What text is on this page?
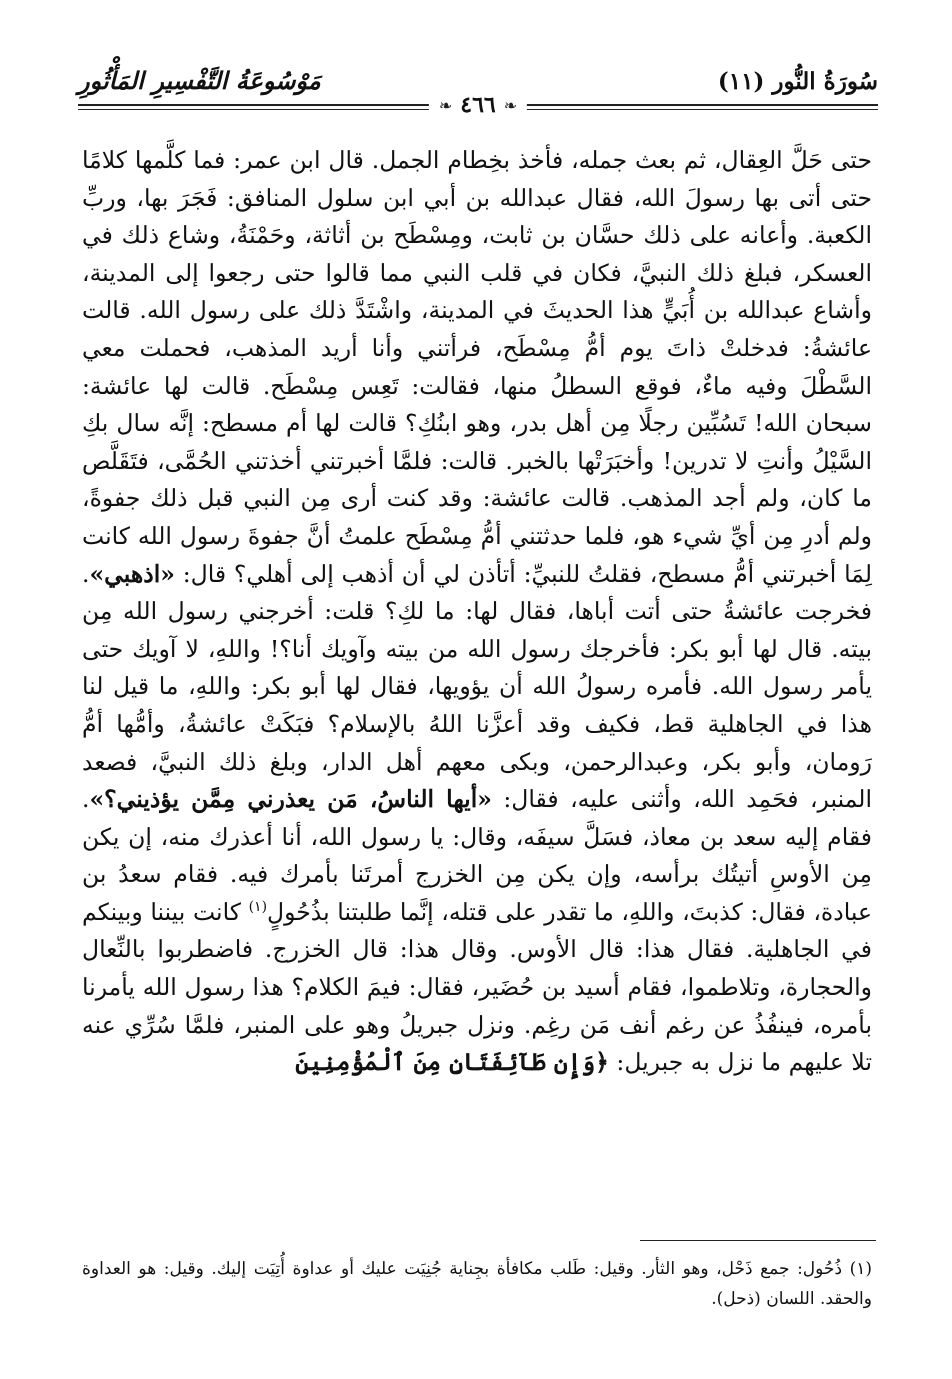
سُورَةُ النُّور (١١)
مَوْسُوعَةُ التَّفْسِيرِ المَأْثُورِ
❧ ٤٦٦ ❧

حتى حَلَّ العِقال، ثم بعث جمله، فأخذ بخِطام الجمل. قال ابن عمر: فما كلَّمها كلامًا حتى أتى بها رسولَ الله، فقال عبدالله بن أبي ابن سلول المنافق: فَجَرَ بها، وربِّ الكعبة. وأعانه على ذلك حسَّان بن ثابت، ومِسْطَح بن أثاثة، وحَمْنَةُ، وشاع ذلك في العسكر، فبلغ ذلك النبيَّ، فكان في قلب النبي مما قالوا حتى رجعوا إلى المدينة، وأشاع عبدالله بن أُبَيٍّ هذا الحديثَ في المدينة، واشْتَدَّ ذلك على رسول الله. قالت عائشةُ: فدخلتْ ذاتَ يوم أمُّ مِسْطَح، فرأتني وأنا أريد المذهب، فحملت معي السَّطْلَ وفيه ماءٌ، فوقع السطلُ منها، فقالت: تَعِس مِسْطَح. قالت لها عائشة: سبحان الله! تَسُبِّين رجلًا مِن أهل بدر، وهو ابنُكِ؟ قالت لها أم مسطح: إنَّه سال بكِ السَّيْلُ وأنتِ لا تدرين! وأخبَرَتْها بالخبر. قالت: فلمَّا أخبرتني أخذتني الحُمَّى، فتَقَلَّص ما كان، ولم أجد المذهب. قالت عائشة: وقد كنت أرى مِن النبي قبل ذلك جفوةً، ولم أدرِ مِن أيِّ شيء هو، فلما حدثتني أمُّ مِسْطَح علمتُ أنَّ جفوةَ رسول الله كانت لِمَا أخبرتني أمُّ مسطح، فقلتُ للنبيِّ: أتأذن لي أن أذهب إلى أهلي؟ قال: «اذهبي». فخرجت عائشةُ حتى أتت أباها، فقال لها: ما لكِ؟ قلت: أخرجني رسول الله مِن بيته. قال لها أبو بكر: فأخرجك رسول الله من بيته وآويك أنا؟! واللهِ، لا آويك حتى يأمر رسول الله. فأمره رسولُ الله أن يؤويها، فقال لها أبو بكر: واللهِ، ما قيل لنا هذا في الجاهلية قط، فكيف وقد أعزَّنا اللهُ بالإسلام؟ فبَكَتْ عائشةُ، وأمُّها أمُّ رَومان، وأبو بكر، وعبدالرحمن، وبكى معهم أهل الدار، وبلغ ذلك النبيَّ، فصعد المنبر، فحَمِد الله، وأثنى عليه، فقال: «أيها الناسُ، مَن يعذرني مِمَّن يؤذيني؟». فقام إليه سعد بن معاذ، فسَلَّ سيفَه، وقال: يا رسول الله، أنا أعذرك منه، إن يكن مِن الأوسِ أتيتُك برأسه، وإن يكن مِن الخزرج أمرتَنا بأمرك فيه. فقام سعدُ بن عبادة، فقال: كذبتَ، واللهِ، ما تقدر على قتله، إنَّما طلبتنا بذُحُولٍ$^{(١)}$ كانت بيننا وبينكم في الجاهلية. فقال هذا: قال الأوس. وقال هذا: قال الخزرج. فاضطربوا بالنِّعال والحجارة، وتلاطموا، فقام أسيد بن حُضَير، فقال: فيمَ الكلام؟ هذا رسول الله يأمرنا بأمره، فينفُذُ عن رغم أنف مَن رغِم. ونزل جبريلُ وهو على المنبر، فلمَّا سُرِّي عنه تلا عليهم ما نزل به جبريل: ﴿وَإِن طَآئِفَتَانِ مِنَ ٱلْمُؤْمِنِينَ

(١) ذُحُول: جمع ذَحْل، وهو الثأر. وقيل: طَلب مكافأة بجِناية جُنِيَت عليك أو عداوة أُتِيَت إليك. وقيل: هو العداوة والحقد. اللسان (ذحل).
